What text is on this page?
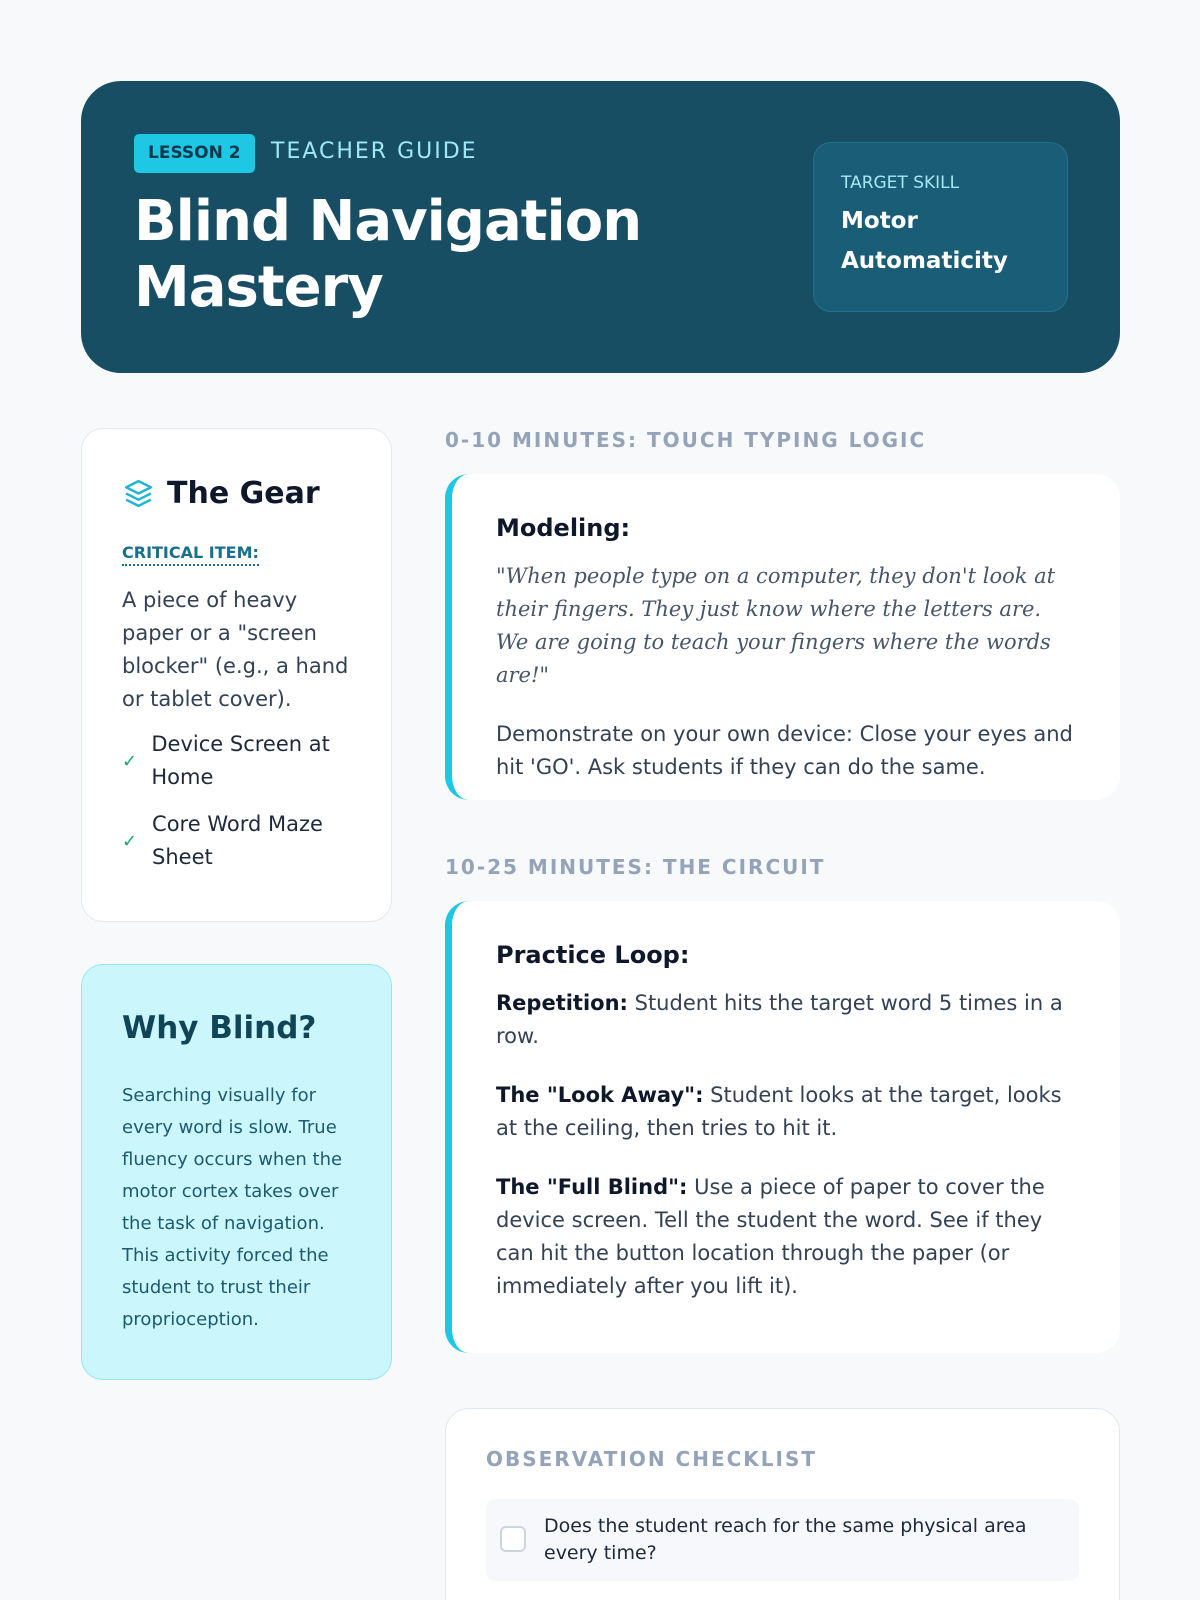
LESSON 2	TEACHER GUIDE
Blind Navigation Mastery
TARGET SKILL
Motor Automaticity
The Gear
CRITICAL ITEM:

A piece of heavy paper or a "screen blocker" (e.g., a hand or tablet cover).

✓
Device Screen at Home
✓
Core Word Maze Sheet
Why Blind?

Searching visually for every word is slow. True fluency occurs when the motor cortex takes over the task of navigation. This activity forced the student to trust their proprioception.

0-10 MINUTES: TOUCH TYPING LOGIC
Modeling:

"When people type on a computer, they don't look at their fingers. They just know where the letters are. We are going to teach your fingers where the words are!"

Demonstrate on your own device: Close your eyes and hit 'GO'. Ask students if they can do the same.

10-25 MINUTES: THE CIRCUIT
Practice Loop:

Repetition: Student hits the target word 5 times in a row.

The "Look Away": Student looks at the target, looks at the ceiling, then tries to hit it.

The "Full Blind": Use a piece of paper to cover the device screen. Tell the student the word. See if they can hit the button location through the paper (or immediately after you lift it).

OBSERVATION CHECKLIST
Does the student reach for the same physical area every time?
